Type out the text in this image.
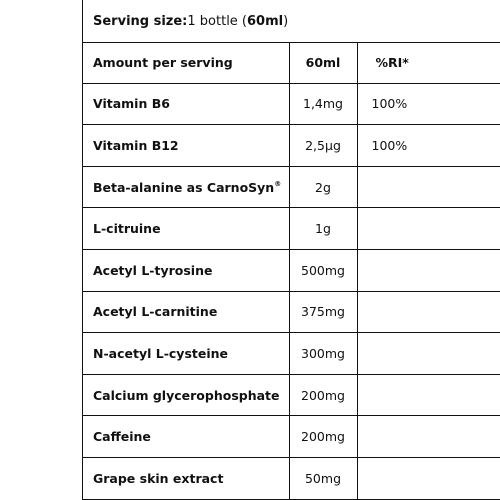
Serving size: 1 bottle ( 60ml )
Amount per serving	60ml	%RI*
Vitamin B6	1,4mg	100%
Vitamin B12	2,5µg	100%
Beta-alanine as CarnoSyn®	2g	
L-citruine	1g	
Acetyl L-tyrosine	500mg	
Acetyl L-carnitine	375mg	
N-acetyl L-cysteine	300mg	
Calcium glycerophosphate	200mg	
Caffeine	200mg	
Grape skin extract	50mg	
